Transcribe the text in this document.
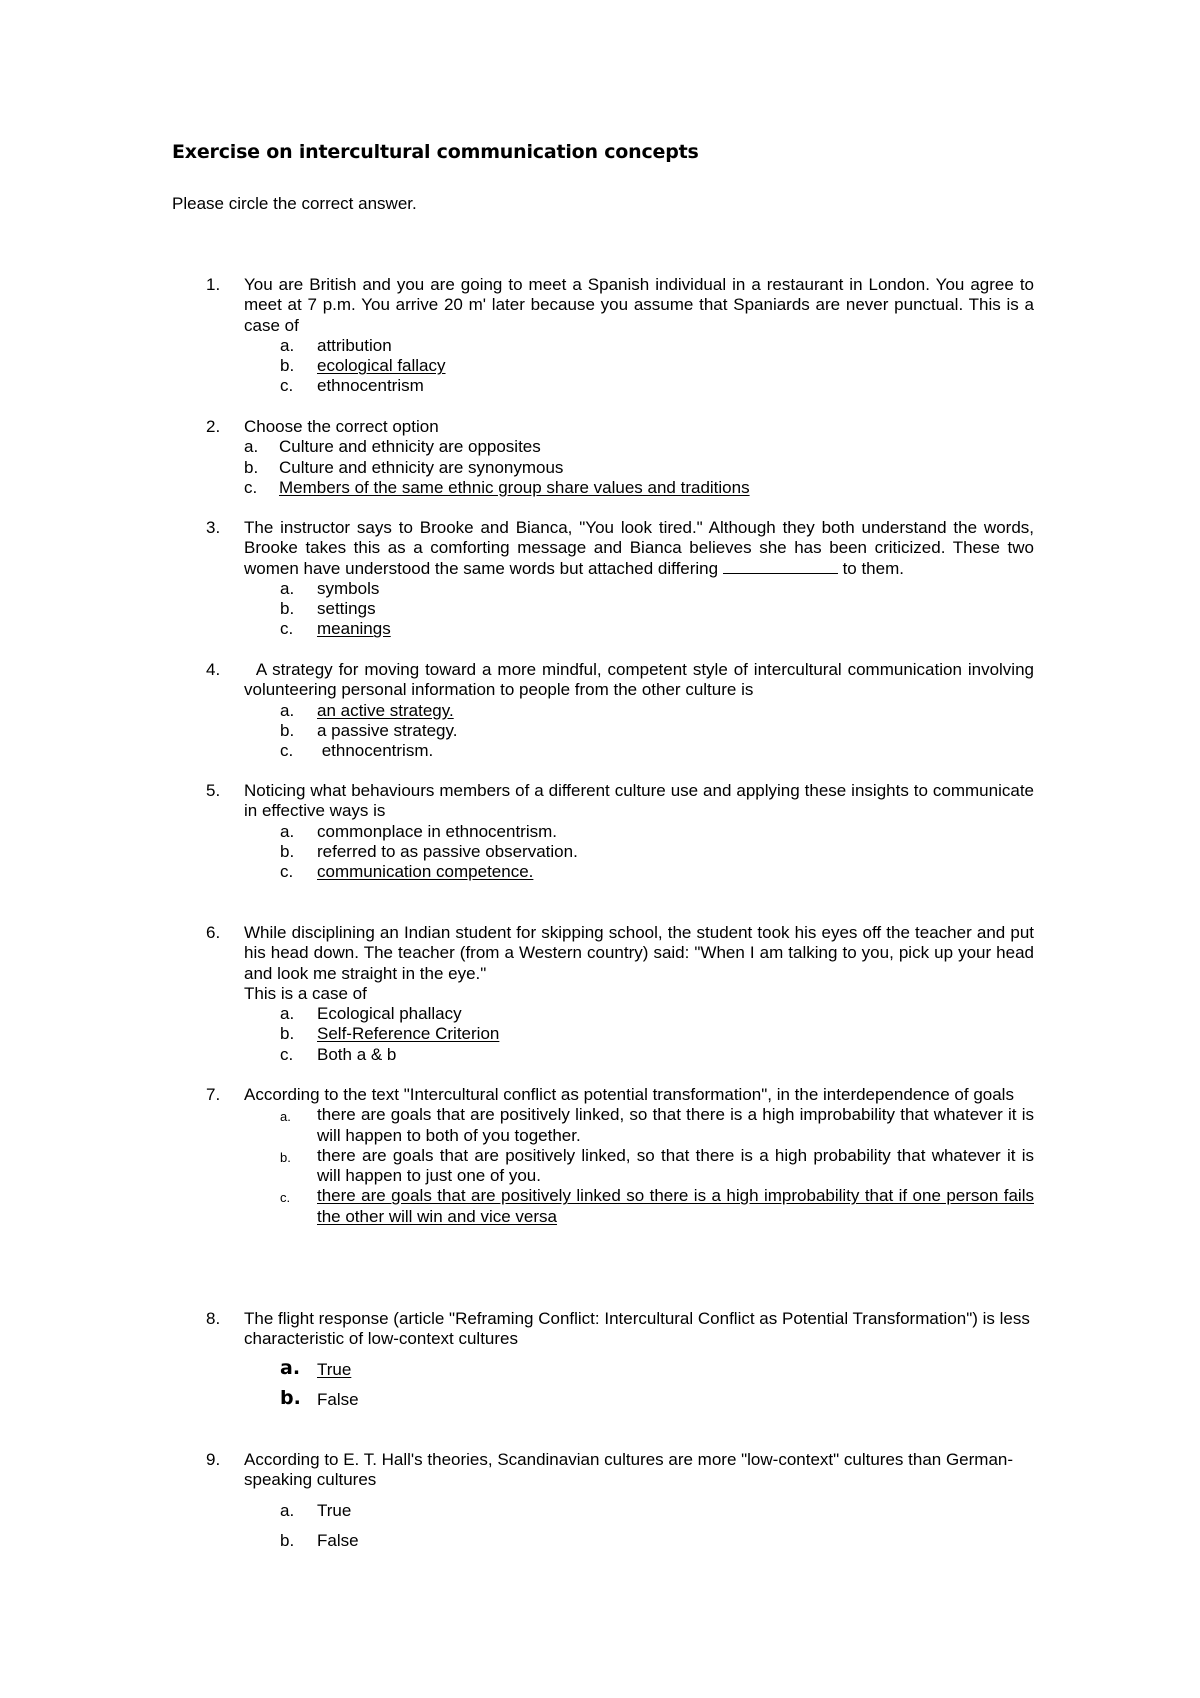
Exercise on intercultural communication concepts
Please circle the correct answer.
1. You are British and you are going to meet a Spanish individual in a restaurant in London. You agree to meet at 7 p.m. You arrive 20 m' later because you assume that Spaniards are never punctual. This is a case of
a. attribution
b. ecological fallacy
c. ethnocentrism
2. Choose the correct option
a. Culture and ethnicity are opposites
b. Culture and ethnicity are synonymous
c. Members of the same ethnic group share values and traditions
3. The instructor says to Brooke and Bianca, "You look tired." Although they both understand the words, Brooke takes this as a comforting message and Bianca believes she has been criticized. These two women have understood the same words but attached differing	to them.
a. symbols
b. settings
c. meanings
4. A strategy for moving toward a more mindful, competent style of intercultural communication involving volunteering personal information to people from the other culture is
a. an active strategy.
b. a passive strategy.
c. ethnocentrism.
5. Noticing what behaviours members of a different culture use and applying these insights to communicate in effective ways is
a. commonplace in ethnocentrism.
b. referred to as passive observation.
c. communication competence.
6. While disciplining an Indian student for skipping school, the student took his eyes off the teacher and put his head down. The teacher (from a Western country) said: "When I am talking to you, pick up your head and look me straight in the eye."
This is a case of
a. Ecological phallacy
b. Self-Reference Criterion
c. Both a & b
7. According to the text "Intercultural conflict as potential transformation", in the interdependence of goals
a. there are goals that are positively linked, so that there is a high improbability that whatever it is will happen to both of you together.
b. there are goals that are positively linked, so that there is a high probability that whatever it is will happen to just one of you.
c. there are goals that are positively linked so there is a high improbability that if one person fails the other will win and vice versa
8. The flight response (article "Reframing Conflict: Intercultural Conflict as Potential Transformation") is less characteristic of low-context cultures
a. True
b. False
9. According to E. T. Hall's theories, Scandinavian cultures are more "low-context" cultures than German-speaking cultures
a. True
b. False
